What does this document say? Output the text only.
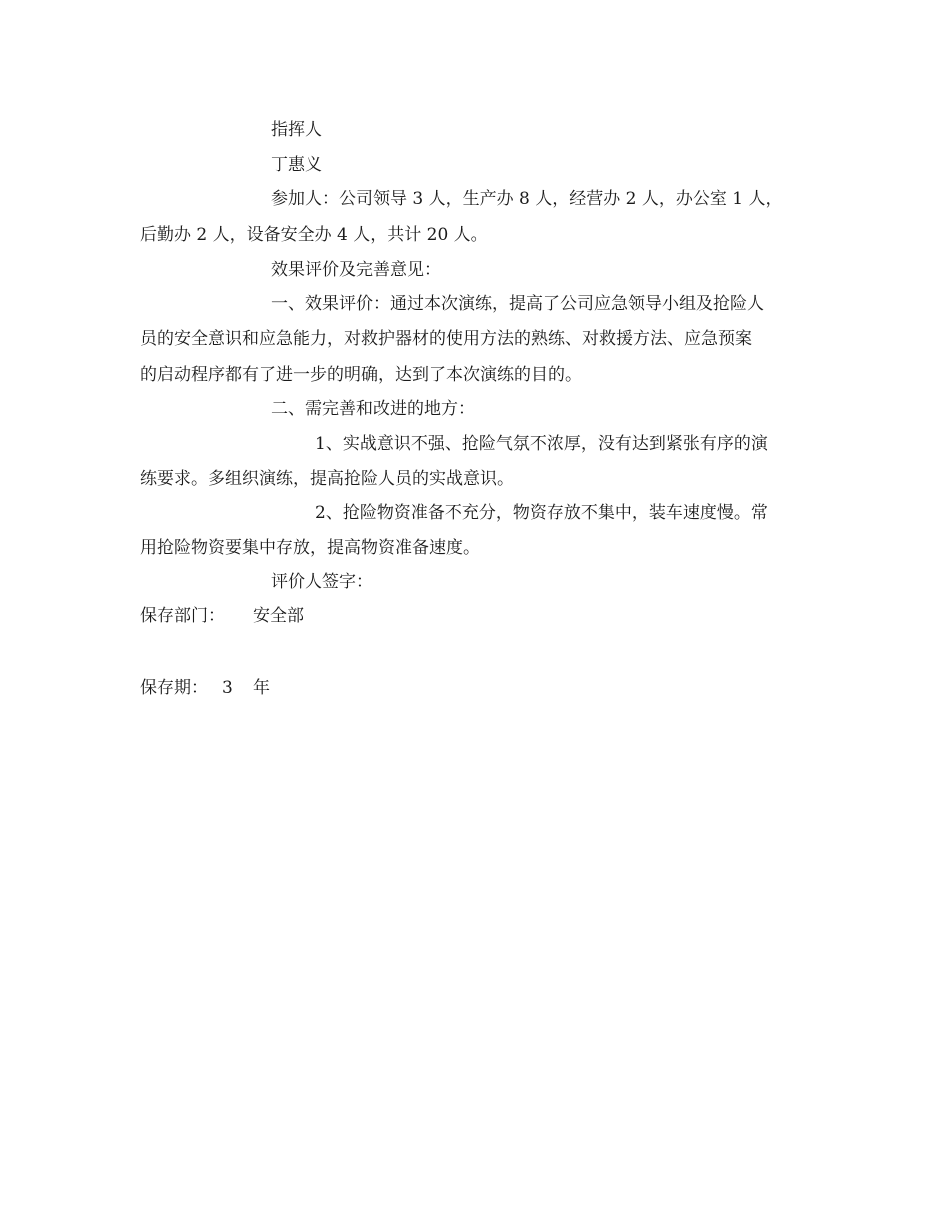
指挥人
丁惠义
参加人：公司领导 3 人，生产办 8 人，经营办 2 人，办公室 1 人，
后勤办 2 人，设备安全办 4 人，共计 20 人。
效果评价及完善意见：
一、效果评价：通过本次演练，提高了公司应急领导小组及抢险人
员的安全意识和应急能力，对救护器材的使用方法的熟练、对救援方法、应急预案
的启动程序都有了进一步的明确，达到了本次演练的目的。
二、需完善和改进的地方：
1、实战意识不强、抢险气氛不浓厚，没有达到紧张有序的演
练要求。多组织演练，提高抢险人员的实战意识。
2、抢险物资准备不充分，物资存放不集中，装车速度慢。常
用抢险物资要集中存放，提高物资准备速度。
评价人签字：
保存部门： 安全部
保存期： 3 年
